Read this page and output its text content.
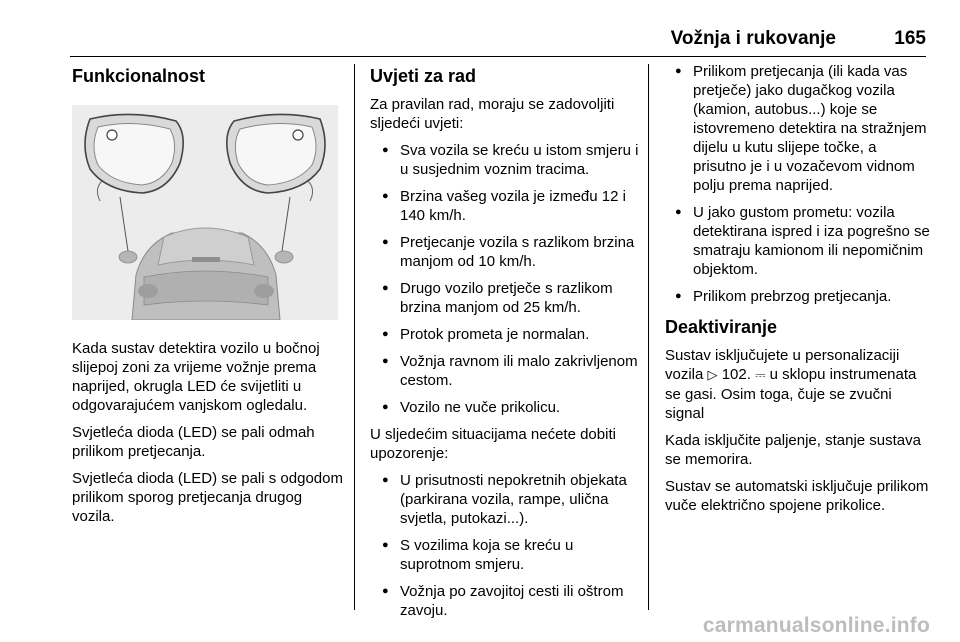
Vožnja i rukovanje	165
Funkcionalnost

Kada sustav detektira vozilo u bočnoj slijepoj zoni za vrijeme vožnje prema naprijed, okrugla LED će svijetliti u odgovarajućem vanjskom ogledalu.

Svjetleća dioda (LED) se pali odmah prilikom pretjecanja.

Svjetleća dioda (LED) se pali s odgodom prilikom sporog pretjecanja drugog vozila.

Uvjeti za rad

Za pravilan rad, moraju se zadovoljiti sljedeći uvjeti:

● Sva vozila se kreću u istom smjeru i u susjednim voznim tracima.
● Brzina vašeg vozila je između 12 i 140 km/h.
● Pretjecanje vozila s razlikom brzina manjom od 10 km/h.
● Drugo vozilo pretječe s razlikom brzina manjom od 25 km/h.
● Protok prometa je normalan.
● Vožnja ravnom ili malo zakrivljenom cestom.
● Vozilo ne vuče prikolicu.

U sljedećim situacijama nećete dobiti upozorenje:

● U prisutnosti nepokretnih objekata (parkirana vozila, rampe, ulična svjetla, putokazi...).
● S vozilima koja se kreću u suprotnom smjeru.
● Vožnja po zavojitoj cesti ili oštrom zavoju.
● Prilikom pretjecanja (ili kada vas pretječe) jako dugačkog vozila (kamion, autobus...) koje se istovremeno detektira na stražnjem dijelu u kutu slijepe točke, a prisutno je i u vozačevom vidnom polju prema naprijed.
● U jako gustom prometu: vozila detektirana ispred i iza pogrešno se smatraju kamionom ili nepomičnim objektom.
● Prilikom prebrzog pretjecanja.
Deaktiviranje

Sustav isključujete u personalizaciji vozila ▷ 102. ⎓ u sklopu instrumenata se gasi. Osim toga, čuje se zvučni signal

Kada isključite paljenje, stanje sustava se memorira.

Sustav se automatski isključuje prilikom vuče električno spojene prikolice.

carmanualsonline.info
